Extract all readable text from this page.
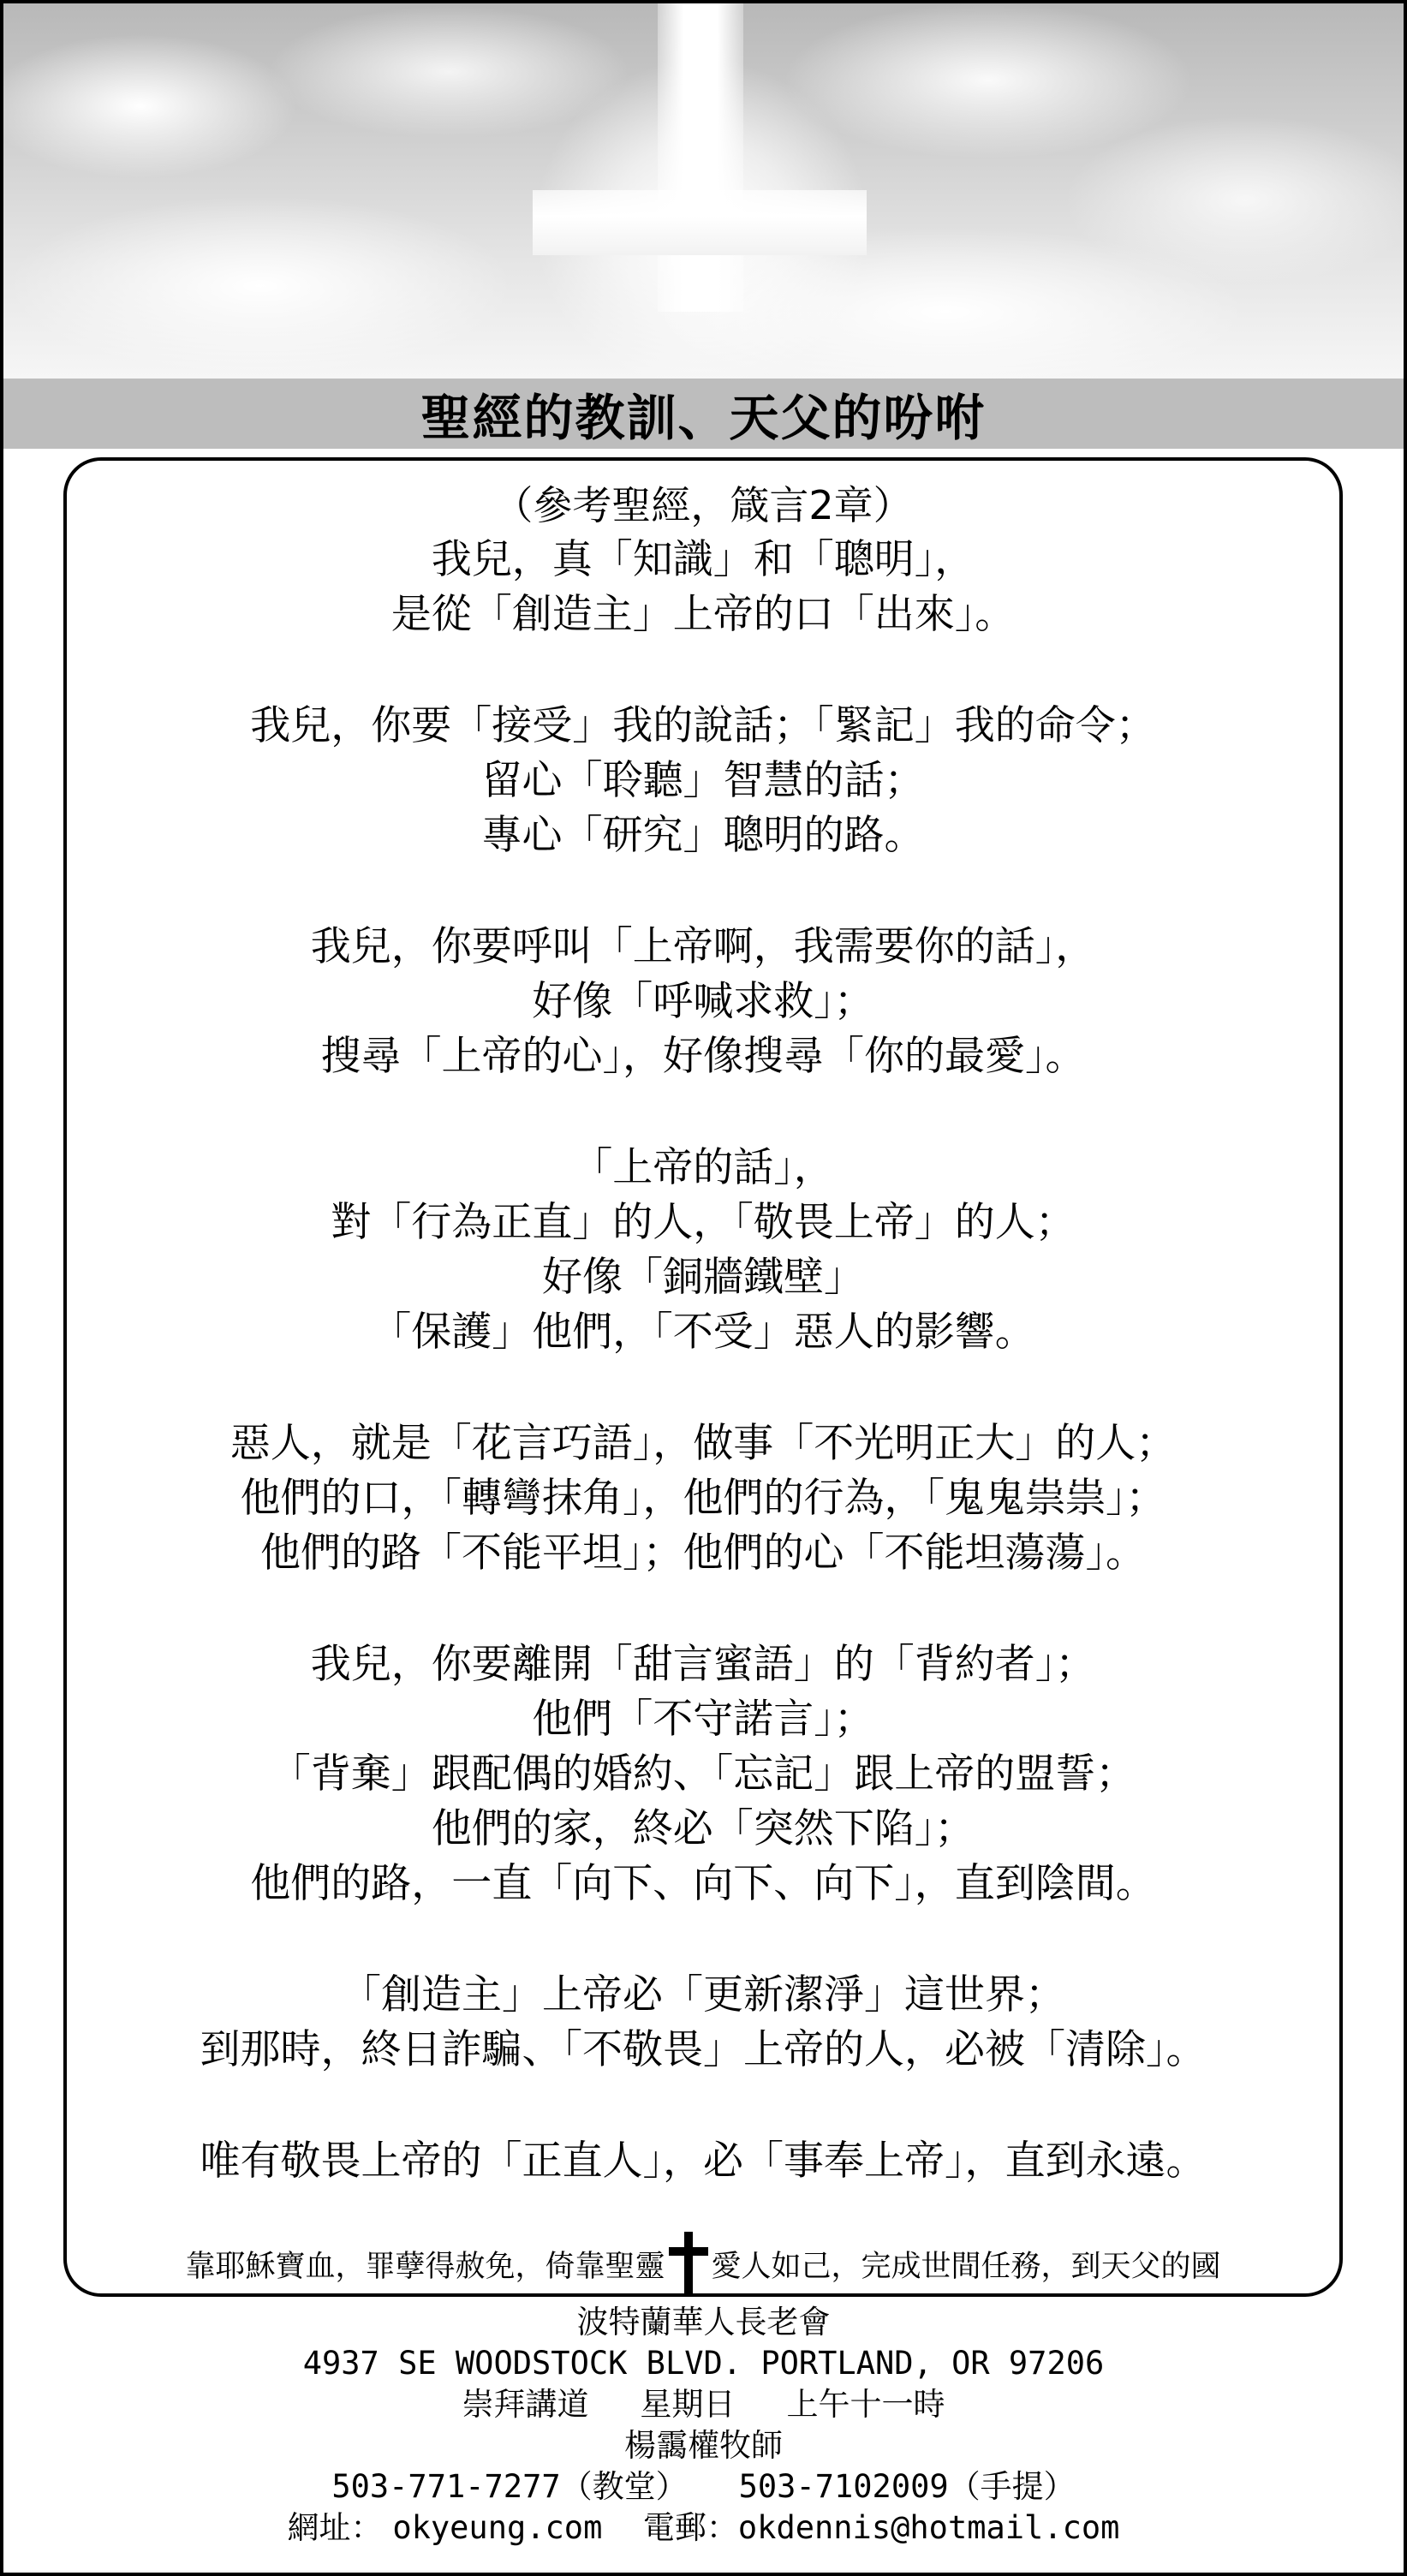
聖經的教訓、天父的吩咐
（參考聖經，箴言2章）
我兒，真「知識」和「聰明」，
是從「創造主」上帝的口「出來」。
我兒，你要「接受」我的說話；「緊記」我的命令；
留心「聆聽」智慧的話；
專心「研究」聰明的路。
我兒，你要呼叫「上帝啊，我需要你的話」，
好像「呼喊求救」；
搜尋「上帝的心」，好像搜尋「你的最愛」。
「上帝的話」，
對「行為正直」的人，「敬畏上帝」的人；
好像「銅牆鐵壁」
「保護」他們，「不受」惡人的影響。
惡人，就是「花言巧語」，做事「不光明正大」的人；
他們的口，「轉彎抹角」，他們的行為，「鬼鬼祟祟」；
他們的路「不能平坦」；他們的心「不能坦蕩蕩」。
我兒，你要離開「甜言蜜語」的「背約者」；
他們「不守諾言」；
「背棄」跟配偶的婚約、「忘記」跟上帝的盟誓；
他們的家，終必「突然下陷」；
他們的路，一直「向下、向下、向下」，直到陰間。
「創造主」上帝必「更新潔淨」這世界；
到那時，終日詐騙、「不敬畏」上帝的人，必被「清除」。
唯有敬畏上帝的「正直人」，必「事奉上帝」，直到永遠。
靠耶穌寶血，罪孽得赦免，倚靠聖靈 愛人如己，完成世間任務，到天父的國
波特蘭華人長老會
4937 SE WOODSTOCK BLVD. PORTLAND, OR 97206
崇拜講道 星期日 上午十一時
楊靄權牧師
503-771-7277（教堂） 503-7102009（手提）
網址： okyeung.com 電郵：okdennis@hotmail.com
